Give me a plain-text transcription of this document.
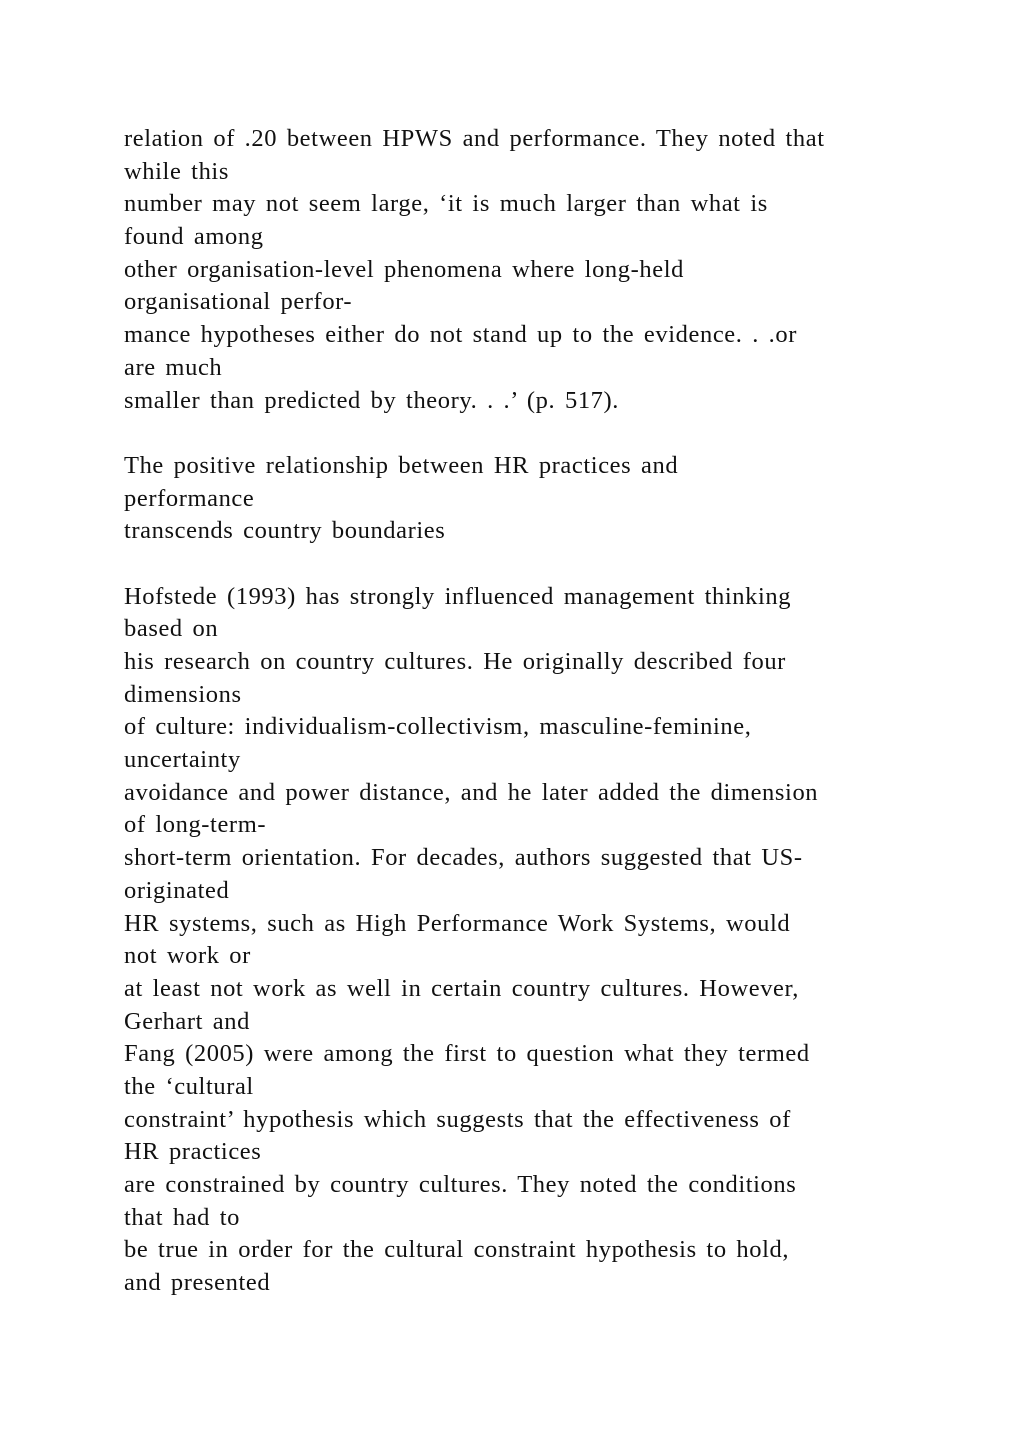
relation of .20 between HPWS and performance. They noted that
while this
number may not seem large, ‘it is much larger than what is
found among
other organisation-level phenomena where long-held
organisational perfor-
mance hypotheses either do not stand up to the evidence. . .or
are much
smaller than predicted by theory. . .’ (p. 517).
The positive relationship between HR practices and
performance
transcends country boundaries
Hofstede (1993) has strongly influenced management thinking
based on
his research on country cultures. He originally described four
dimensions
of culture: individualism-collectivism, masculine-feminine,
uncertainty
avoidance and power distance, and he later added the dimension
of long-term-
short-term orientation. For decades, authors suggested that US-
originated
HR systems, such as High Performance Work Systems, would
not work or
at least not work as well in certain country cultures. However,
Gerhart and
Fang (2005) were among the first to question what they termed
the ‘cultural
constraint’ hypothesis which suggests that the effectiveness of
HR practices
are constrained by country cultures. They noted the conditions
that had to
be true in order for the cultural constraint hypothesis to hold,
and presented
